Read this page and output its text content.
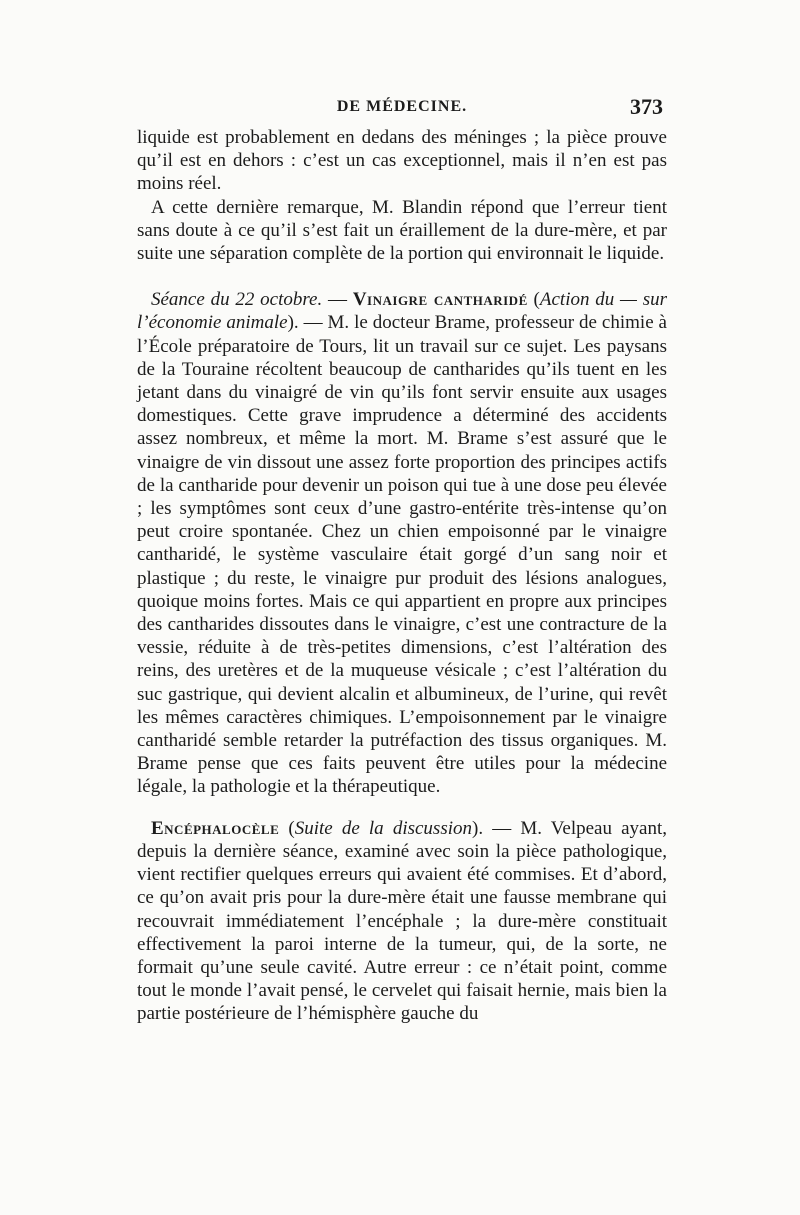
DE MÉDECINE.	373

liquide est probablement en dedans des méninges ; la pièce prouve qu’il est en dehors : c’est un cas exceptionnel, mais il n’en est pas moins réel.

A cette dernière remarque, M. Blandin répond que l’erreur tient sans doute à ce qu’il s’est fait un éraillement de la dure-mère, et par suite une séparation complète de la portion qui environnait le liquide.

Séance du 22 octobre. — Vinaigre cantharidé (Action du — sur l’économie animale). — M. le docteur Brame, professeur de chimie à l’École préparatoire de Tours, lit un travail sur ce sujet. Les paysans de la Touraine récoltent beaucoup de cantharides qu’ils tuent en les jetant dans du vinaigré de vin qu’ils font servir ensuite aux usages domestiques. Cette grave imprudence a déterminé des accidents assez nombreux, et même la mort. M. Brame s’est assuré que le vinaigre de vin dissout une assez forte proportion des principes actifs de la cantharide pour devenir un poison qui tue à une dose peu élevée ; les symptômes sont ceux d’une gastro-entérite très-intense qu’on peut croire spontanée. Chez un chien empoisonné par le vinaigre cantharidé, le système vasculaire était gorgé d’un sang noir et plastique ; du reste, le vinaigre pur produit des lésions analogues, quoique moins fortes. Mais ce qui appartient en propre aux principes des cantharides dissoutes dans le vinaigre, c’est une contracture de la vessie, réduite à de très-petites dimensions, c’est l’altération des reins, des uretères et de la muqueuse vésicale ; c’est l’altération du suc gastrique, qui devient alcalin et albumineux, de l’urine, qui revêt les mêmes caractères chimiques. L’empoisonnement par le vinaigre cantharidé semble retarder la putréfaction des tissus organiques. M. Brame pense que ces faits peuvent être utiles pour la médecine légale, la pathologie et la thérapeutique.

Encéphalocèle (Suite de la discussion). — M. Velpeau ayant, depuis la dernière séance, examiné avec soin la pièce pathologique, vient rectifier quelques erreurs qui avaient été commises. Et d’abord, ce qu’on avait pris pour la dure-mère était une fausse membrane qui recouvrait immédiatement l’encéphale ; la dure-mère constituait effectivement la paroi interne de la tumeur, qui, de la sorte, ne formait qu’une seule cavité. Autre erreur : ce n’était point, comme tout le monde l’avait pensé, le cervelet qui faisait hernie, mais bien la partie postérieure de l’hémisphère gauche du
